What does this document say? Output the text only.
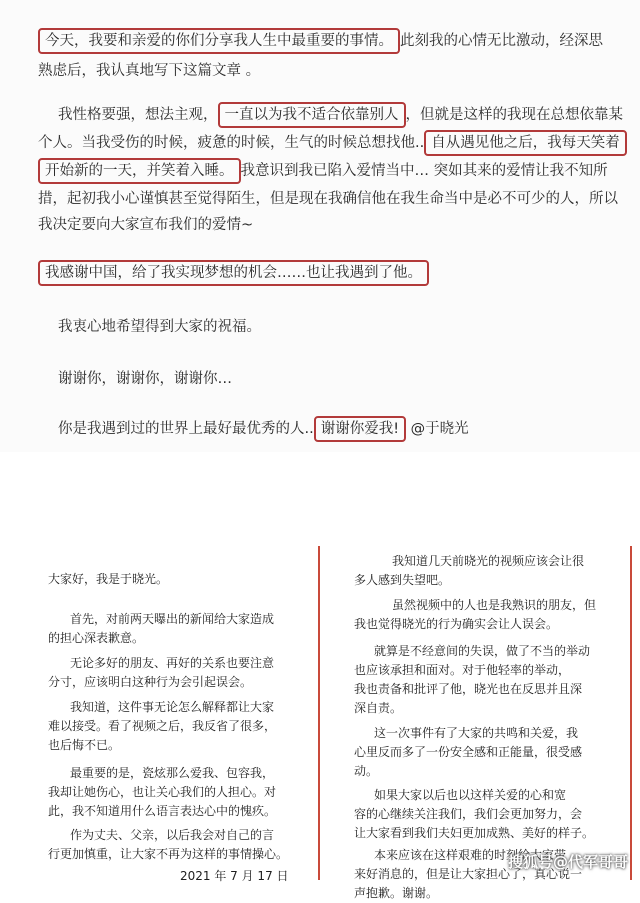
今天，我要和亲爱的你们分享我人生中最重要的事情。 此刻我的心情无比激动，经深思
熟虑后，我认真地写下这篇文章 。
我性格要强，想法主观， 一直以为我不适合依靠别人 ，但就是这样的我现在总想依靠某
个人。当我受伤的时候，疲惫的时候，生气的时候总想找他.. 自从遇见他之后，我每天笑着
开始新的一天，并笑着入睡。 我意识到我已陷入爱情当中… 突如其来的爱情让我不知所
措，起初我小心谨慎甚至觉得陌生，但是现在我确信他在我生命当中是必不可少的人，所以
我决定要向大家宣布我们的爱情~
我感谢中国，给了我实现梦想的机会……也让我遇到了他。
我衷心地希望得到大家的祝福。
谢谢你，谢谢你，谢谢你…
你是我遇到过的世界上最好最优秀的人.. 谢谢你爱我! @于晓光
大家好，我是于晓光。
首先，对前两天曝出的新闻给大家造成
的担心深表歉意。
无论多好的朋友、再好的关系也要注意
分寸，应该明白这种行为会引起误会。
我知道，这件事无论怎么解释都让大家
难以接受。看了视频之后，我反省了很多，
也后悔不已。
最重要的是，瓷炫那么爱我、包容我，
我却让她伤心，也让关心我们的人担心。对
此，我不知道用什么语言表达心中的愧疚。
作为丈夫、父亲，以后我会对自己的言
行更加慎重，让大家不再为这样的事情操心。
2021 年 7 月 17 日
我知道几天前晓光的视频应该会让很
多人感到失望吧。
虽然视频中的人也是我熟识的朋友，但
我也觉得晓光的行为确实会让人误会。
就算是不经意间的失误，做了不当的举动
也应该承担和面对。对于他轻率的举动，
我也责备和批评了他，晓光也在反思并且深
深自责。
这一次事件有了大家的共鸣和关爱，我
心里反而多了一份安全感和正能量，很受感
动。
如果大家以后也以这样关爱的心和宽
容的心继续关注我们，我们会更加努力，会
让大家看到我们夫妇更加成熟、美好的样子。
本来应该在这样艰难的时刻给大家带
来好消息的，但是让大家担心了，真心说一
声抱歉。谢谢。
搜狐号@代军哥哥
